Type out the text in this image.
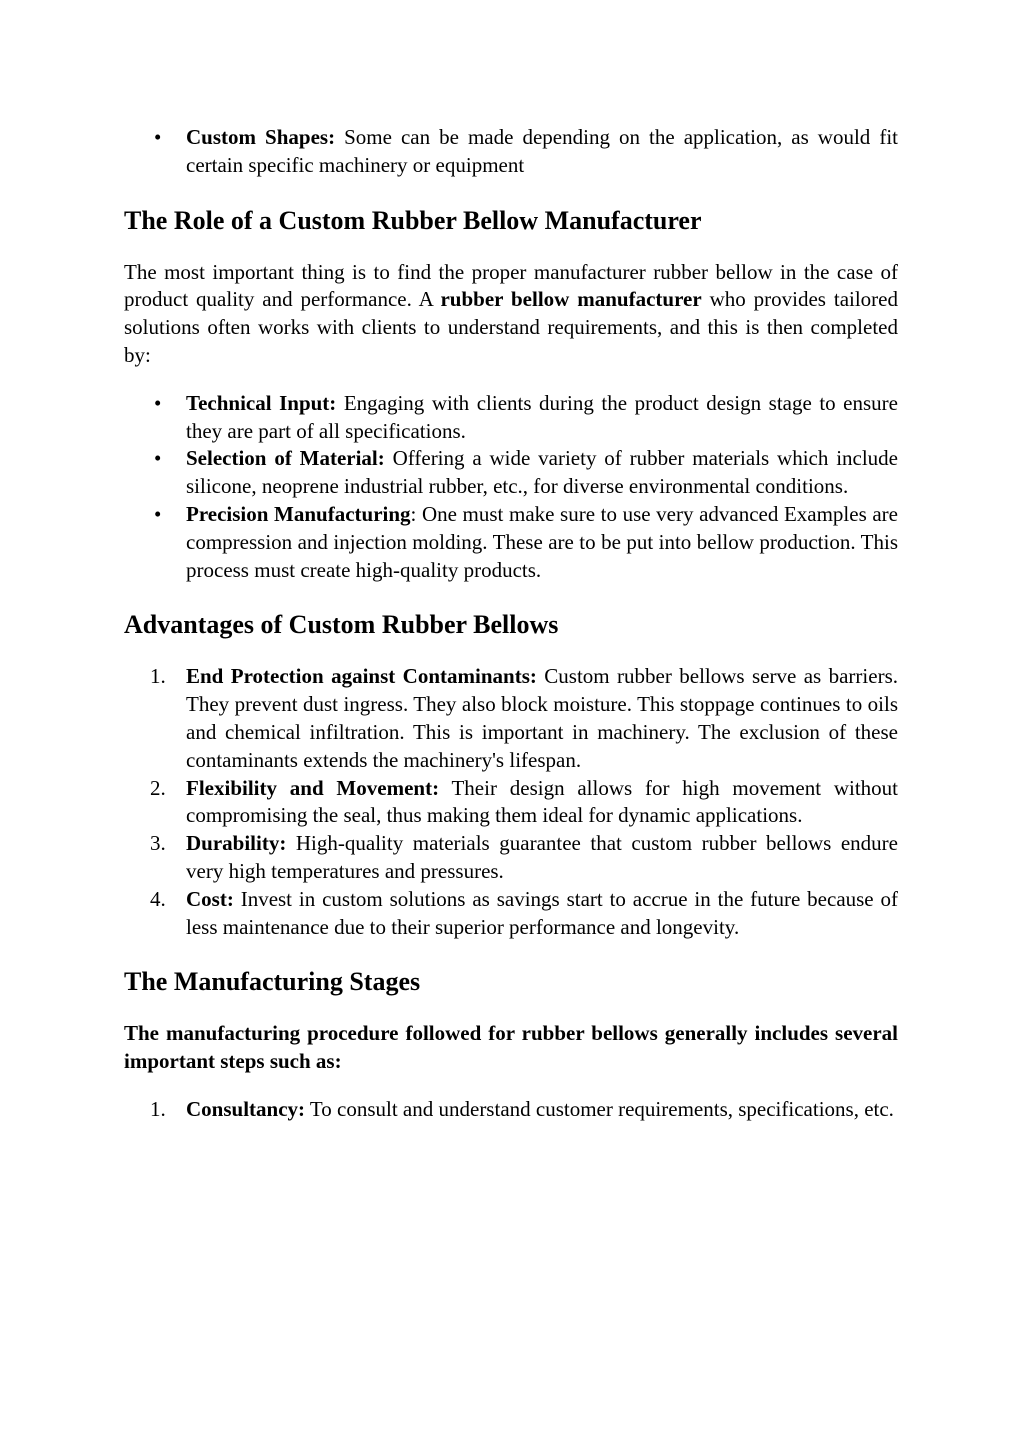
•	Custom Shapes: Some can be made depending on the application, as would fit certain specific machinery or equipment
The Role of a Custom Rubber Bellow Manufacturer

The most important thing is to find the proper manufacturer rubber bellow in the case of product quality and performance. A rubber bellow manufacturer who provides tailored solutions often works with clients to understand requirements, and this is then completed by:

•	Technical Input: Engaging with clients during the product design stage to ensure they are part of all specifications.
•	Selection of Material: Offering a wide variety of rubber materials which include silicone, neoprene industrial rubber, etc., for diverse environmental conditions.
•	Precision Manufacturing: One must make sure to use very advanced Examples are compression and injection molding. These are to be put into bellow production. This process must create high-quality products.
Advantages of Custom Rubber Bellows
1. End Protection against Contaminants: Custom rubber bellows serve as barriers. They prevent dust ingress. They also block moisture. This stoppage continues to oils and chemical infiltration. This is important in machinery. The exclusion of these contaminants extends the machinery's lifespan.
2. Flexibility and Movement: Their design allows for high movement without compromising the seal, thus making them ideal for dynamic applications.
3. Durability: High-quality materials guarantee that custom rubber bellows endure very high temperatures and pressures.
4. Cost: Invest in custom solutions as savings start to accrue in the future because of less maintenance due to their superior performance and longevity.
The Manufacturing Stages

The manufacturing procedure followed for rubber bellows generally includes several important steps such as:

1. Consultancy: To consult and understand customer requirements, specifications, etc.
